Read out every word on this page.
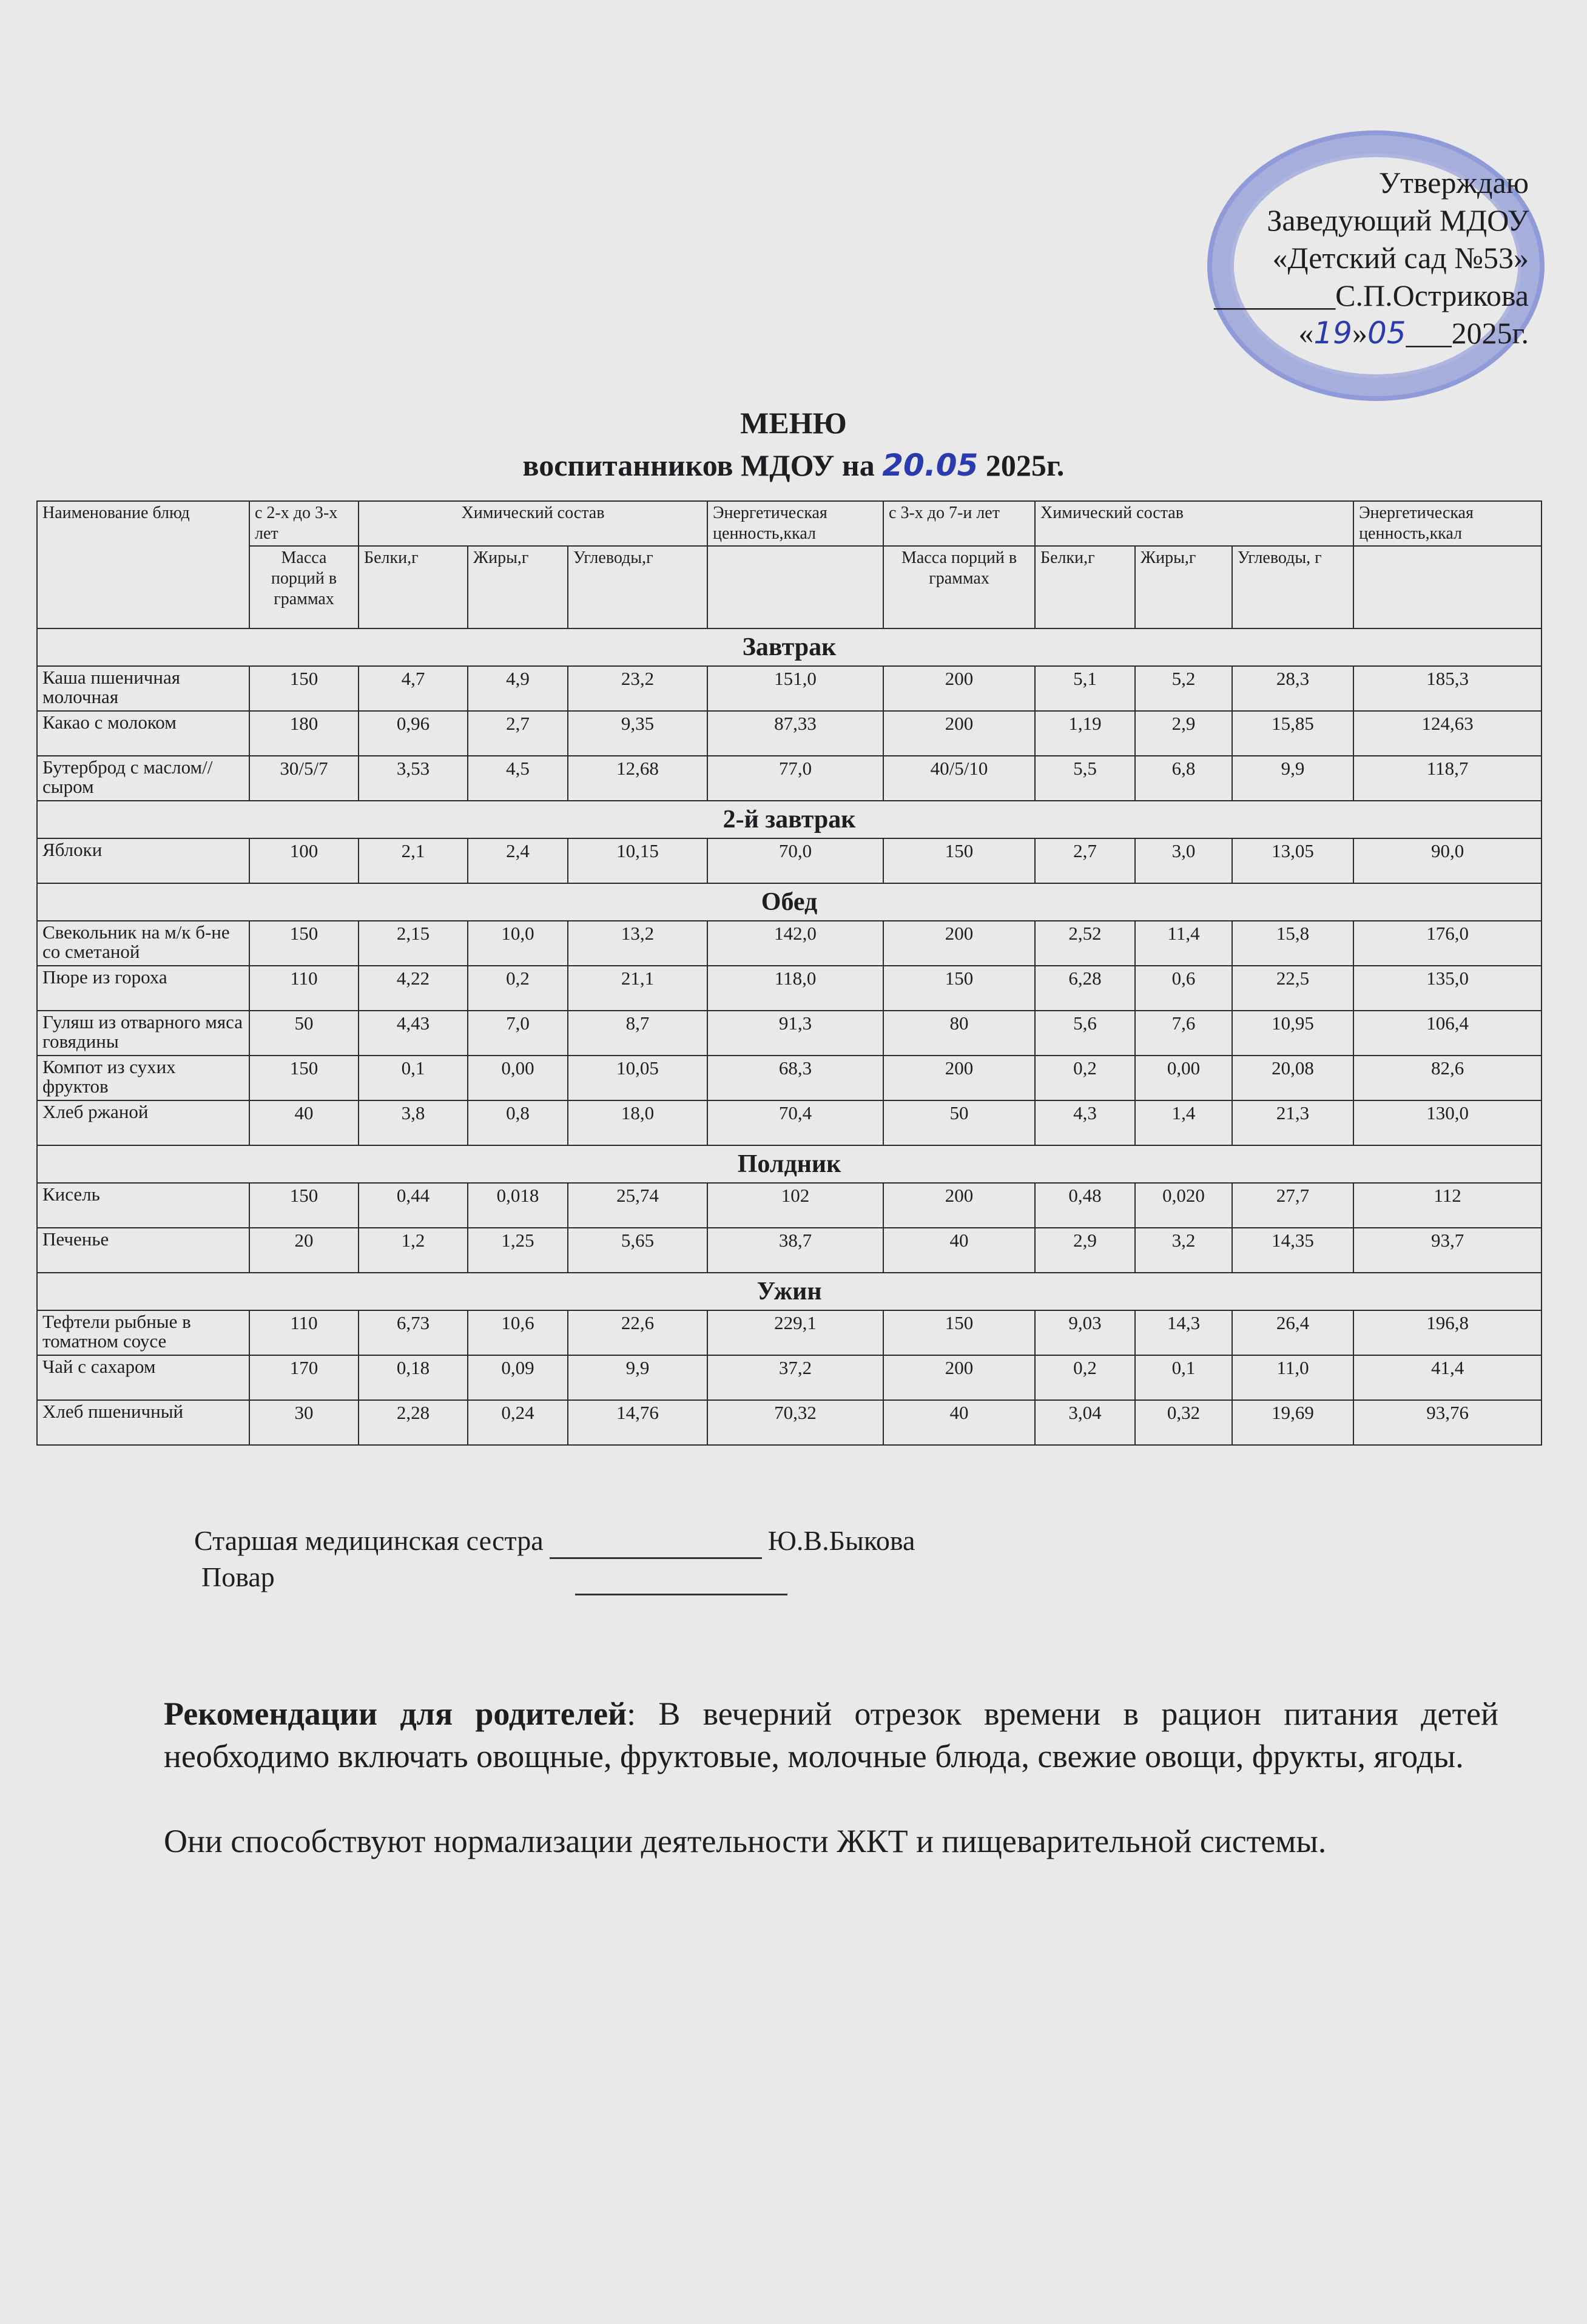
Утверждаю
Заведующий МДОУ
«Детский сад №53»
________С.П.Острикова
«19»05___2025г.
МЕНЮ
воспитанников МДОУ на 20.05 2025г.
Наименование блюд	с 2-х до 3-х лет	Химический состав			Энергетическая ценность,ккал	с 3-х до 7-и лет	Химический состав			Энергетическая ценность,ккал
	Масса порций в граммах	Белки,г	Жиры,г	Углеводы,г		Масса порций в граммах	Белки,г	Жиры,г	Углеводы, г	
Завтрак										
Каша пшеничная молочная	150	4,7	4,9	23,2	151,0	200	5,1	5,2	28,3	185,3
Какао с молоком	180	0,96	2,7	9,35	87,33	200	1,19	2,9	15,85	124,63
Бутерброд с маслом//сыром	30/5/7	3,53	4,5	12,68	77,0	40/5/10	5,5	6,8	9,9	118,7
2-й завтрак										
Яблоки	100	2,1	2,4	10,15	70,0	150	2,7	3,0	13,05	90,0
Обед										
Свекольник на м/к б-не со сметаной	150	2,15	10,0	13,2	142,0	200	2,52	11,4	15,8	176,0
Пюре из гороха	110	4,22	0,2	21,1	118,0	150	6,28	0,6	22,5	135,0
Гуляш из отварного мяса говядины	50	4,43	7,0	8,7	91,3	80	5,6	7,6	10,95	106,4
Компот из сухих фруктов	150	0,1	0,00	10,05	68,3	200	0,2	0,00	20,08	82,6
Хлеб ржаной	40	3,8	0,8	18,0	70,4	50	4,3	1,4	21,3	130,0
Полдник										
Кисель	150	0,44	0,018	25,74	102	200	0,48	0,020	27,7	112
Печенье	20	1,2	1,25	5,65	38,7	40	2,9	3,2	14,35	93,7
Ужин										
Тефтели рыбные в томатном соусе	110	6,73	10,6	22,6	229,1	150	9,03	14,3	26,4	196,8
Чай с сахаром	170	0,18	0,09	9,9	37,2	200	0,2	0,1	11,0	41,4
Хлеб пшеничный	30	2,28	0,24	14,76	70,32	40	3,04	0,32	19,69	93,76
Старшая медицинская сестра	Ю.В.Быкова
Повар
Рекомендации для родителей: В вечерний отрезок времени в рацион питания детей необходимо включать овощные, фруктовые, молочные блюда, свежие овощи, фрукты, ягоды.
Они способствуют нормализации деятельности ЖКТ и пищеварительной системы.
